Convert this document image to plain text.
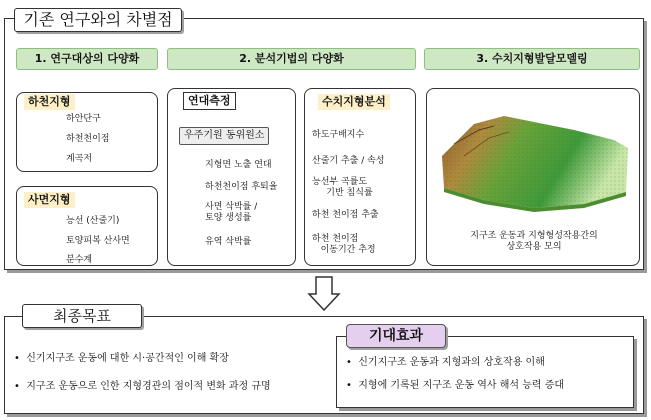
기존 연구와의 차별점
1. 연구대상의 다양화	2. 분석기법의 다양화	3. 수치지형발달모델링
하천지형
하안단구
하천천이점
계곡저
사면지형
능선 (산줄기)
토양피복 산사면
분수계
연대측정
우주기원 동위원소
지형면 노출 연대
하천천이점 후퇴율
사면 삭박률 /
토양 생성률
유역 삭박률
수치지형분석
하도구배지수
산줄기 추출 / 속성
능선부 곡률도
기반 침식률
하천 천이점 추출
하천 천이점
이동기간 추정
지구조 운동과 지형형성작용간의
상호작용 모의
최종목표
•  신기지구조 운동에 대한 시·공간적인 이해 확장
•  지구조 운동으로 인한 지형경관의 점이적 변화 과정 규명
기대효과
•  신기지구조 운동과 지형과의 상호작용 이해
•  지형에 기록된 지구조 운동 역사 해석 능력 증대
